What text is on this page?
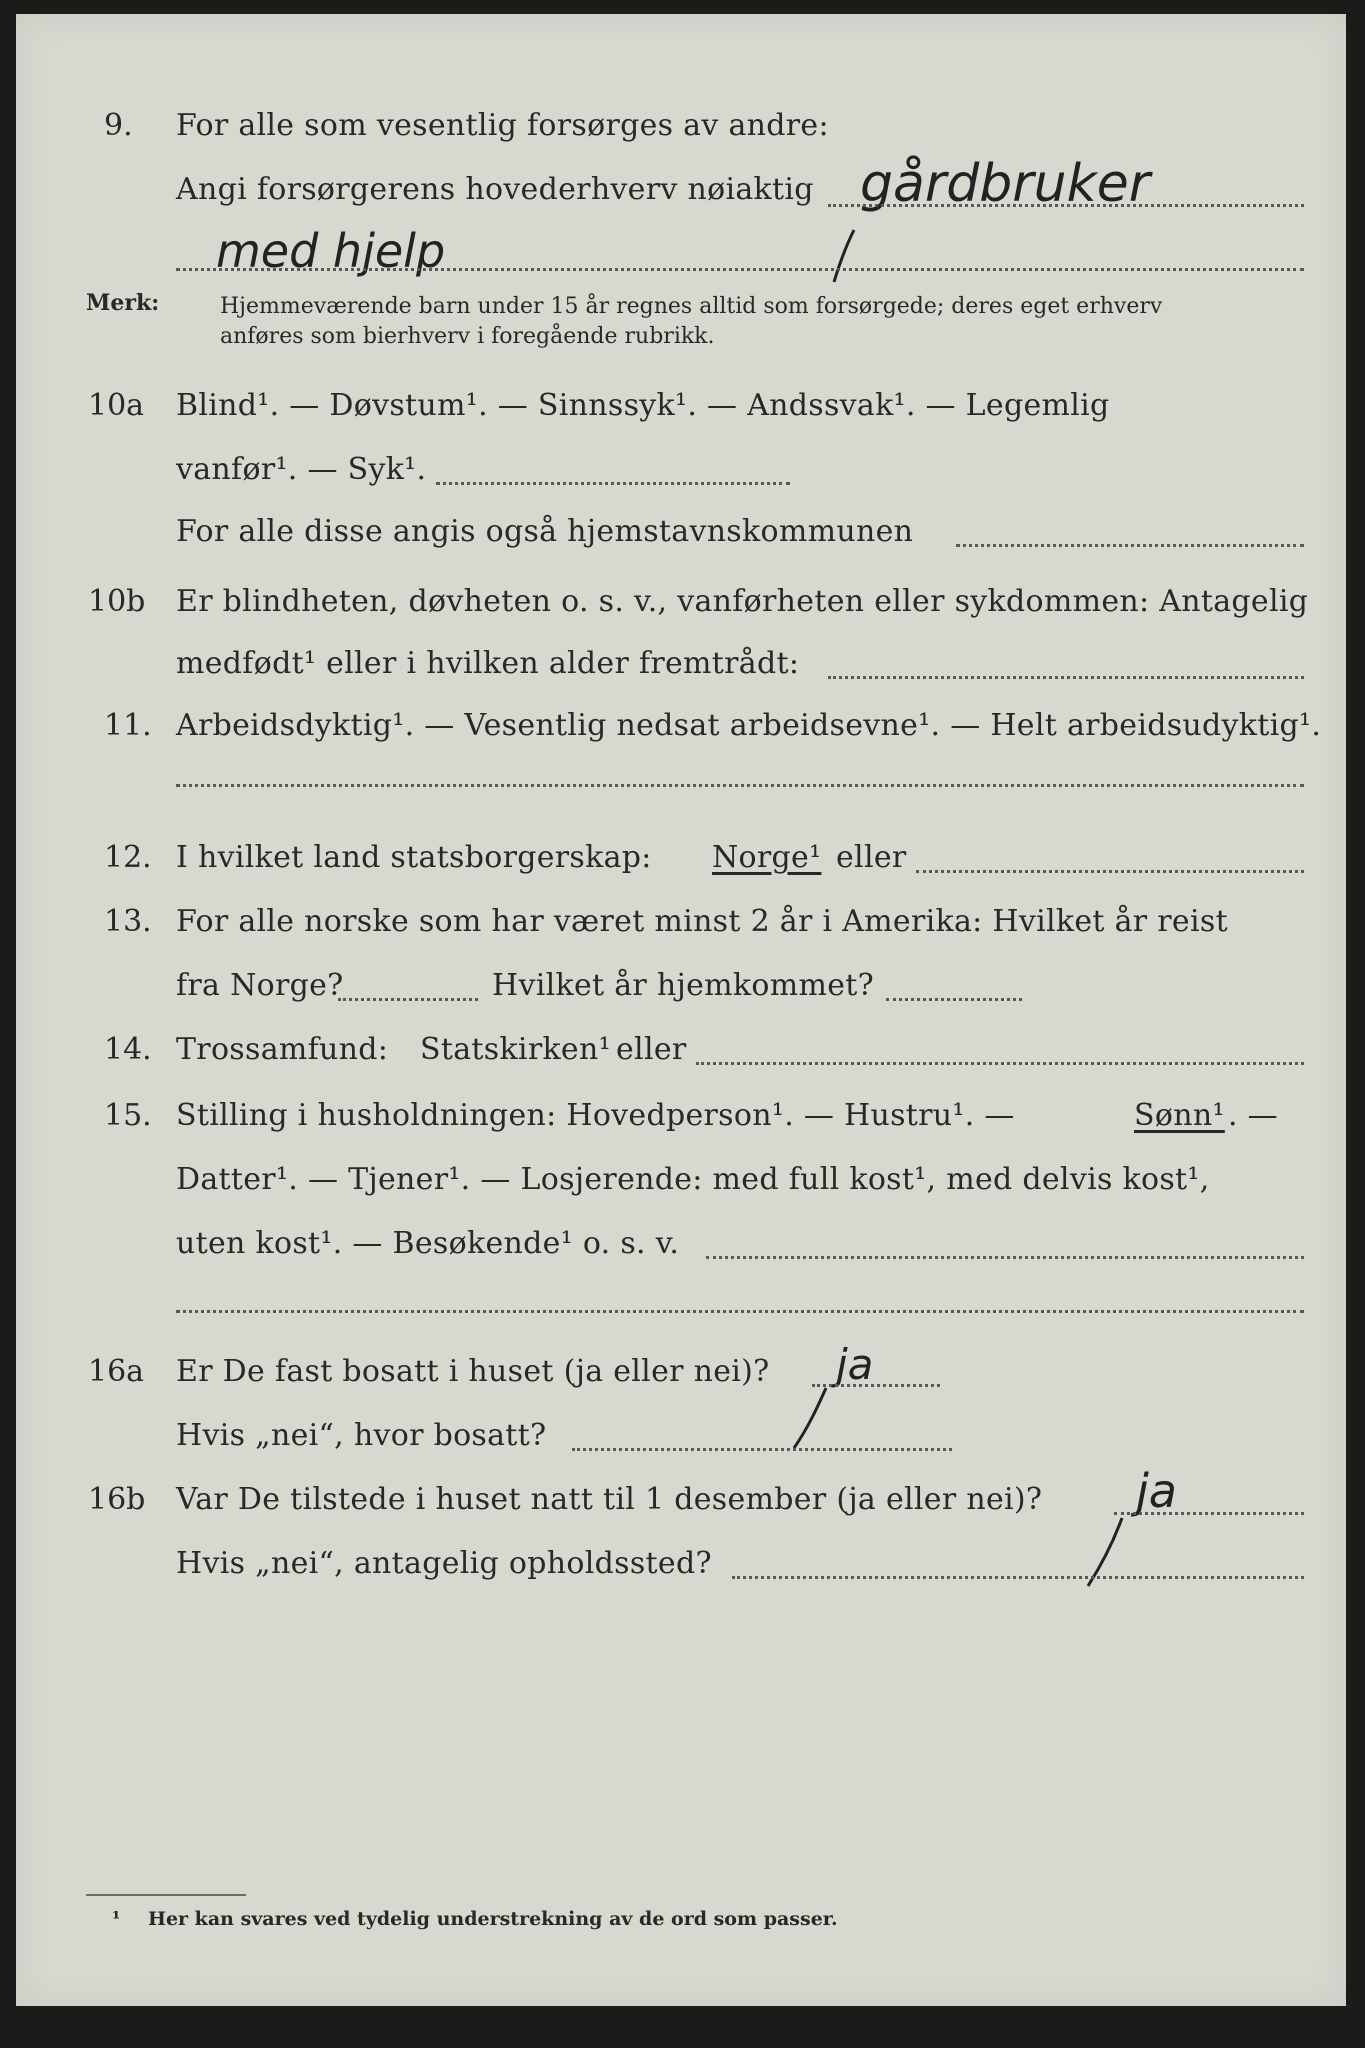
9. For alle som vesentlig forsørges av andre:
Angi forsørgerens hovederhverv nøiaktig gårdbruker
med hjelp
Merk:	Hjemmeværende barn under 15 år regnes alltid som forsørgede; deres eget erhverv
anføres som bierhverv i foregående rubrikk.
10a Blind¹. — Døvstum¹. — Sinnssyk¹. — Andssvak¹. — Legemlig
vanfør¹. — Syk¹.
For alle disse angis også hjemstavnskommunen
10b Er blindheten, døvheten o. s. v., vanførheten eller sykdommen: Antagelig
medfødt¹ eller i hvilken alder fremtrådt:
11. Arbeidsdyktig¹. — Vesentlig nedsat arbeidsevne¹. — Helt arbeidsudyktig¹.
12. I hvilket land statsborgerskap: Norge¹ eller
13. For alle norske som har været minst 2 år i Amerika: Hvilket år reist
fra Norge?	Hvilket år hjemkommet?
14. Trossamfund: Statskirken¹ eller
15. Stilling i husholdningen: Hovedperson¹. — Hustru¹. —	Sønn¹ . —
Datter¹. — Tjener¹. — Losjerende: med full kost¹, med delvis kost¹,
uten kost¹. — Besøkende¹ o. s. v.
16a Er De fast bosatt i huset (ja eller nei)? ja
Hvis „nei“, hvor bosatt?
16b Var De tilstede i huset natt til 1 desember (ja eller nei)? ja
Hvis „nei“, antagelig opholdssted?
¹ Her kan svares ved tydelig understrekning av de ord som passer.
